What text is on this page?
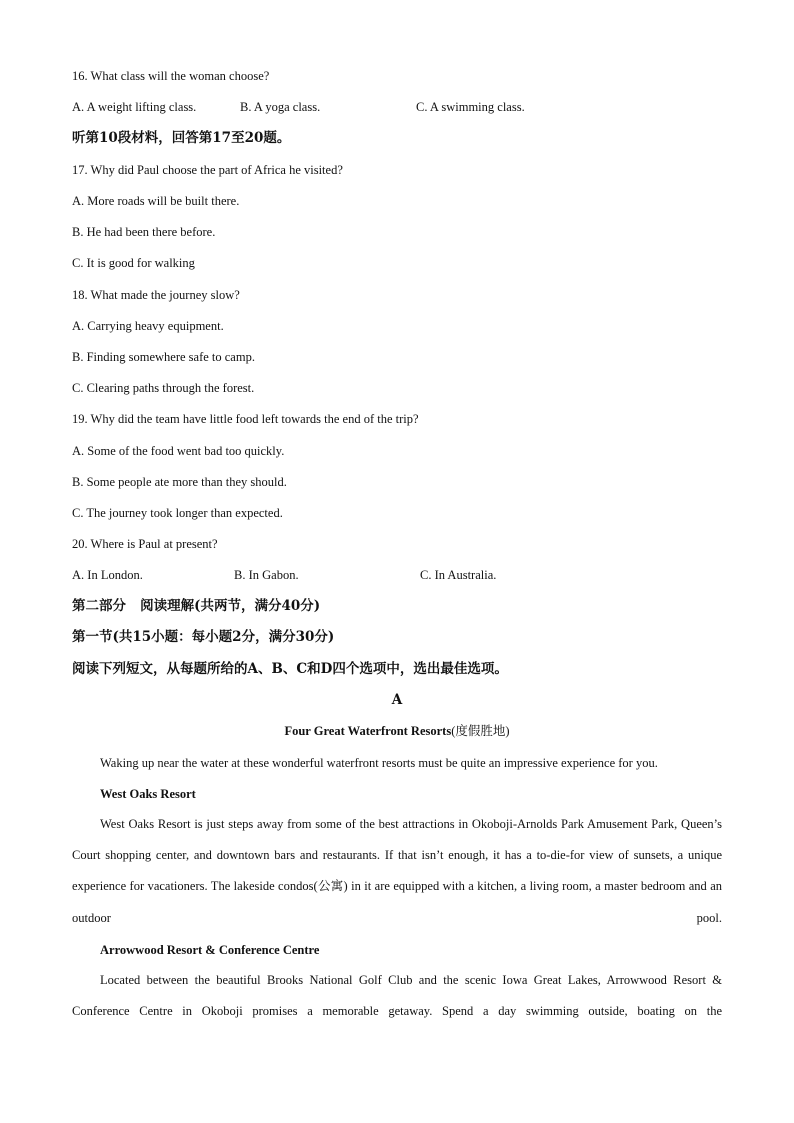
16. What class will the woman choose?
A. A weight lifting class.	B. A yoga class.	C. A swimming class.
听第10段材料，回答第17至20题。
17. Why did Paul choose the part of Africa he visited?
A. More roads will be built there.
B. He had been there before.
C. It is good for walking
18. What made the journey slow?
A. Carrying heavy equipment.
B. Finding somewhere safe to camp.
C. Clearing paths through the forest.
19. Why did the team have little food left towards the end of the trip?
A. Some of the food went bad too quickly.
B. Some people ate more than they should.
C. The journey took longer than expected.
20. Where is Paul at present?
A. In London.	B. In Gabon.	C. In Australia.
第二部分   阅读理解(共两节，满分40分)
第一节(共15小题：每小题2分，满分30分)
阅读下列短文，从每题所给的A、B、C和D四个选项中，选出最佳选项。
A
Four Great Waterfront Resorts(度假胜地)
Waking up near the water at these wonderful waterfront resorts must be quite an impressive experience for you.
West Oaks Resort
West Oaks Resort is just steps away from some of the best attractions in Okoboji-Arnolds Park Amusement Park, Queen’s Court shopping center, and downtown bars and restaurants. If that isn’t enough, it has a to-die-for view of sunsets, a unique experience for vacationers. The lakeside condos(公寓) in it are equipped with a kitchen, a living room, a master bedroom and an outdoor pool.
Arrowwood Resort & Conference Centre
Located between the beautiful Brooks National Golf Club and the scenic Iowa Great Lakes, Arrowwood Resort & Conference Centre in Okoboji promises a memorable getaway. Spend a day swimming outside, boating on the
